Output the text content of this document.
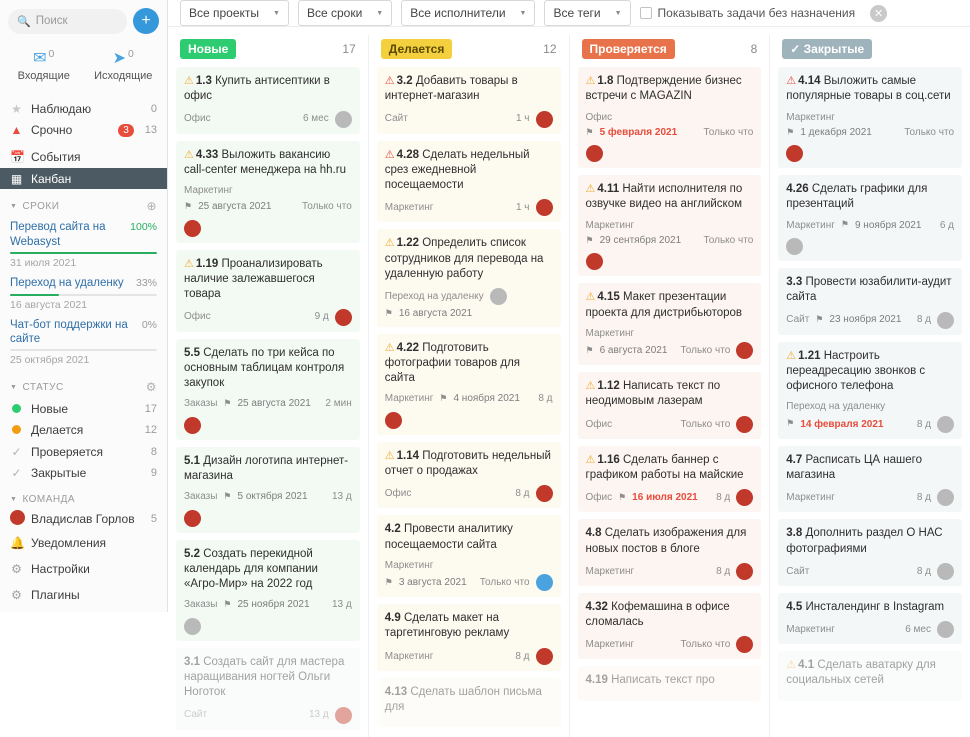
🔍 Поиск	+
✉ 0
Входящие
➤ 0
Исходящие
★ Наблюдаю	0
▲ Срочно	3	13
📅 События
▦ Канбан
▼ СРОКИ	⊕
Перевод сайта на Webasyst
100%
31 июля 2021
Переход на удаленку 33%
16 августа 2021
Чат-бот поддержки на сайте
0%
25 октября 2021
▼ СТАТУС	⚙
Новые	17
Делается	12
✓ Проверяется	8
✓ Закрытые	9
▼ КОМАНДА
Владислав Горлов	5
🔔 Уведомления
⚙ Настройки
⚙ Плагины
Все проекты ▼ Все сроки ▼ Все исполнители ▼ Все теги ▼	Показывать задачи без назначения	✕
Новые	17
⚠ 1.3 Купить антисептики в офис
Офис	6 мес
⚠ 4.33 Выложить вакансию call-center менеджера на hh.ru
Маркетинг
⚑ 25 августа 2021	Только что
⚠ 1.19 Проанализировать наличие залежавшегося товара
Офис	9 д
5.5 Сделать по три кейса по основным таблицам контроля закупок
Заказы ⚑ 25 августа 2021 2 мин
5.1 Дизайн логотипа интернет-магазина
Заказы ⚑ 5 октября 2021 13 д
5.2 Создать перекидной календарь для компании «Агро-Мир» на 2022 год
Заказы ⚑ 25 ноября 2021 13 д
3.1 Создать сайт для мастера наращивания ногтей Ольги Ноготок
Сайт	13 д
Делается	12
⚠ 3.2 Добавить товары в интернет-магазин
Сайт	1 ч
⚠ 4.28 Сделать недельный срез ежедневной посещаемости
Маркетинг	1 ч
⚠ 1.22 Определить список сотрудников для перевода на удаленную работу
Переход на удаленку
⚑ 16 августа 2021
⚠ 4.22 Подготовить фотографии товаров для сайта
Маркетинг ⚑ 4 ноября 2021 8 д
⚠ 1.14 Подготовить недельный отчет о продажах
Офис	8 д
4.2 Провести аналитику посещаемости сайта
Маркетинг
⚑ 3 августа 2021 Только что
4.9 Сделать макет на таргетинговую рекламу
Маркетинг	8 д
4.13 Сделать шаблон письма для
Проверяется	8
⚠ 1.8 Подтверждение бизнес встречи с MAGAZIN
Офис
⚑ 5 февраля 2021	Только что
⚠ 4.11 Найти исполнителя по озвучке видео на английском
Маркетинг
⚑ 29 сентября 2021 Только что
⚠ 4.15 Макет презентации проекта для дистрибьюторов
Маркетинг
⚑ 6 августа 2021 Только что
⚠ 1.12 Написать текст по неодимовым лазерам
Офис	Только что
⚠ 1.16 Сделать баннер с графиком работы на майские
Офис ⚑ 16 июля 2021 8 д
4.8 Сделать изображения для новых постов в блоге
Маркетинг	8 д
4.32 Кофемашина в офисе сломалась
Маркетинг	Только что
4.19 Написать текст про
✓ Закрытые
⚠ 4.14 Выложить самые популярные товары в соц.сети
Маркетинг
⚑ 1 декабря 2021	Только что
4.26 Сделать графики для презентаций
Маркетинг ⚑ 9 ноября 2021 6 д
3.3 Провести юзабилити-аудит сайта
Сайт ⚑ 23 ноября 2021 8 д
⚠ 1.21 Настроить переадресацию звонков с офисного телефона
Переход на удаленку
⚑ 14 февраля 2021	8 д
4.7 Расписать ЦА нашего магазина
Маркетинг	8 д
3.8 Дополнить раздел О НАС фотографиями
Сайт	8 д
4.5 Инсталендинг в Instagram
Маркетинг	6 мес
⚠ 4.1 Сделать аватарку для социальных сетей
